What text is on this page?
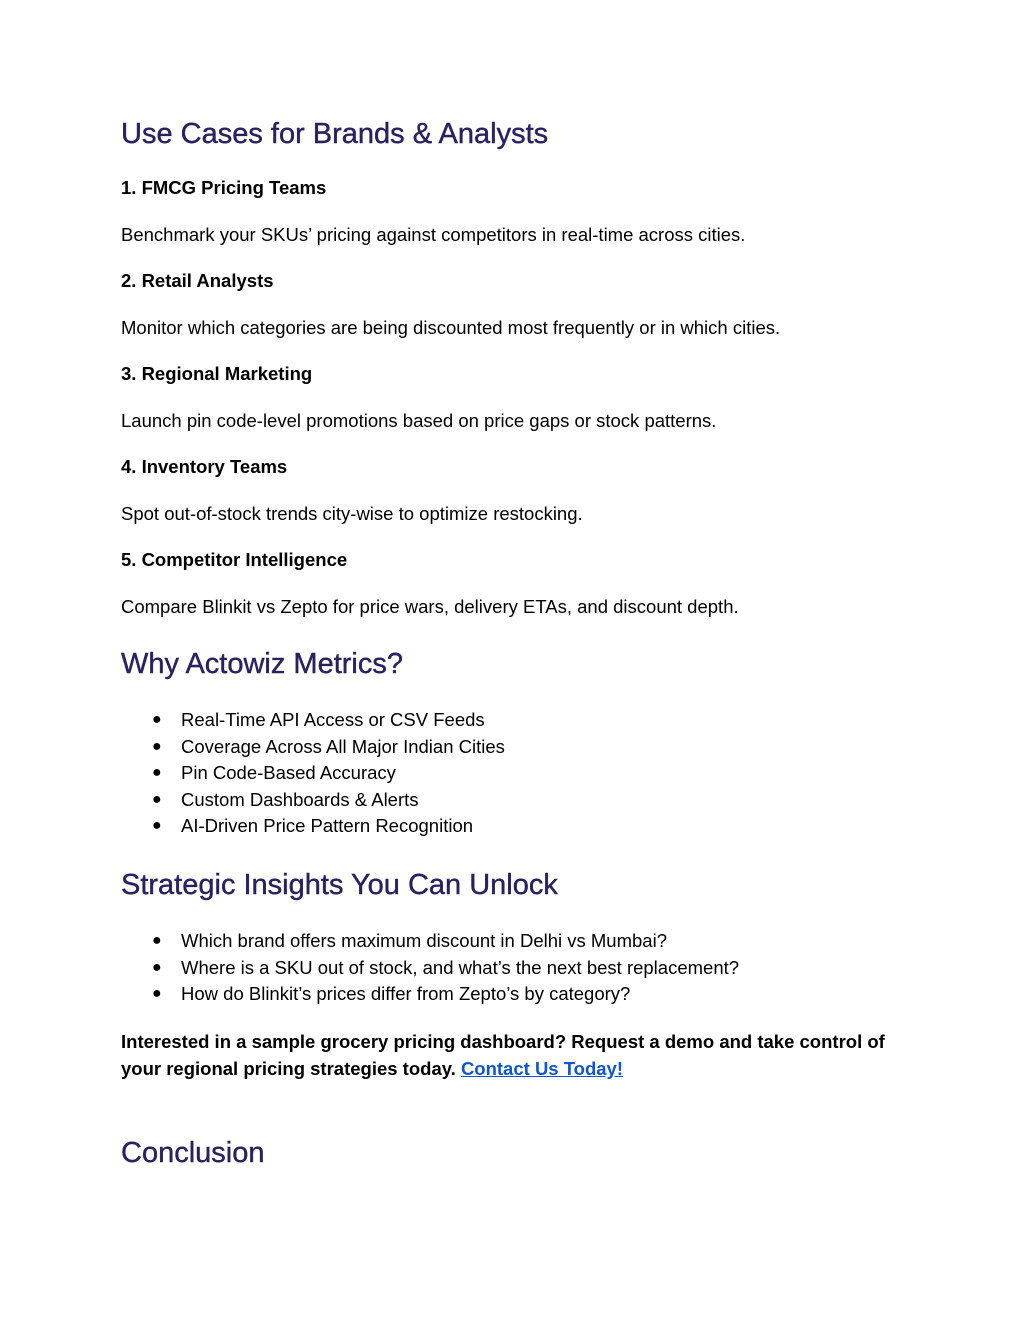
Use Cases for Brands & Analysts

1. FMCG Pricing Teams

Benchmark your SKUs’ pricing against competitors in real-time across cities.

2. Retail Analysts

Monitor which categories are being discounted most frequently or in which cities.

3. Regional Marketing

Launch pin code-level promotions based on price gaps or stock patterns.

4. Inventory Teams

Spot out-of-stock trends city-wise to optimize restocking.

5. Competitor Intelligence

Compare Blinkit vs Zepto for price wars, delivery ETAs, and discount depth.

Why Actowiz Metrics?
● Real-Time API Access or CSV Feeds
● Coverage Across All Major Indian Cities
● Pin Code-Based Accuracy
● Custom Dashboards & Alerts
● AI-Driven Price Pattern Recognition
Strategic Insights You Can Unlock
● Which brand offers maximum discount in Delhi vs Mumbai?
● Where is a SKU out of stock, and what’s the next best replacement?
● How do Blinkit’s prices differ from Zepto’s by category?

Interested in a sample grocery pricing dashboard? Request a demo and take control of your regional pricing strategies today. Contact Us Today!

Conclusion
